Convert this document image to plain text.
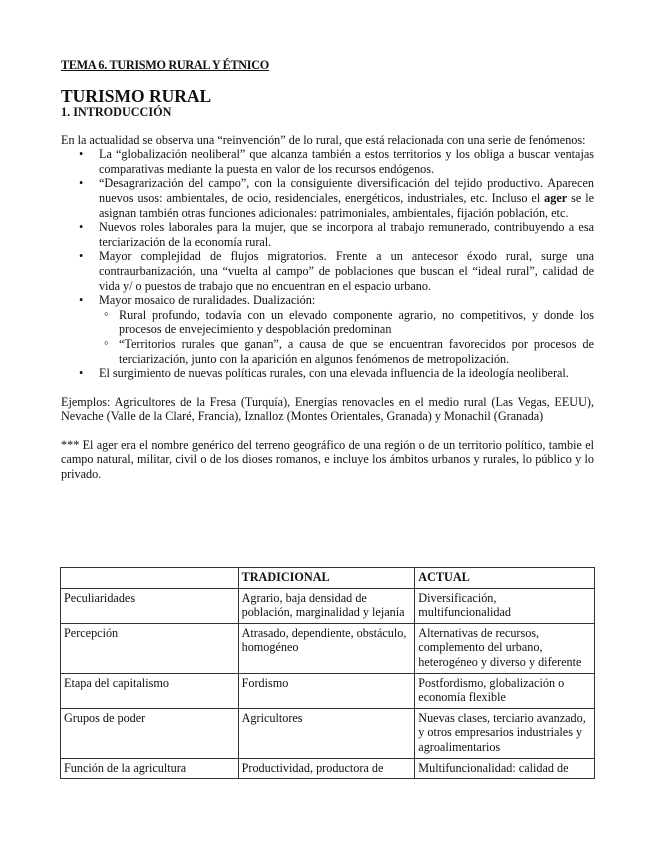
TEMA 6. TURISMO RURAL Y ÉTNICO

TURISMO RURAL
1. INTRODUCCIÓN

En la actualidad se observa una “reinvención” de lo rural, que está relacionada con una serie de fenómenos:

• La “globalización neoliberal” que alcanza también a estos territorios y los obliga a buscar ventajas comparativas mediante la puesta en valor de los recursos endógenos.
• “Desagrarización del campo”, con la consiguiente diversificación del tejido productivo. Aparecen nuevos usos: ambientales, de ocio, residenciales, energéticos, industriales, etc. Incluso el ager se le asignan también otras funciones adicionales: patrimoniales, ambientales, fijación población, etc.
• Nuevos roles laborales para la mujer, que se incorpora al trabajo remunerado, contribuyendo a esa terciarización de la economía rural.
• Mayor complejidad de flujos migratorios. Frente a un antecesor éxodo rural, surge una contraurbanización, una “vuelta al campo” de poblaciones que buscan el “ideal rural”, calidad de vida y/ o puestos de trabajo que no encuentran en el espacio urbano.
• Mayor mosaico de ruralidades. Dualización:
◦ Rural profundo, todavía con un elevado componente agrario, no competitivos, y donde los procesos de envejecimiento y despoblación predominan
◦ “Territorios rurales que ganan”, a causa de que se encuentran favorecidos por procesos de terciarización, junto con la aparición en algunos fenómenos de metropolización.
• El surgimiento de nuevas políticas rurales, con una elevada influencia de la ideología neoliberal.

Ejemplos: Agricultores de la Fresa (Turquía), Energías renovacles en el medio rural (Las Vegas, EEUU), Nevache (Valle de la Claré, Francia), Iznalloz (Montes Orientales, Granada) y Monachil (Granada)

*** El ager era el nombre genérico del terreno geográfico de una región o de un territorio político, tambie el campo natural, militar, civil o de los dioses romanos, e incluye los ámbitos urbanos y rurales, lo público y lo privado.

	TRADICIONAL	ACTUAL
Peculiaridades	Agrario, baja densidad de población, marginalidad y lejanía	Diversificación, multifuncionalidad
Percepción	Atrasado, dependiente, obstáculo, homogéneo	Alternativas de recursos, complemento del urbano, heterogéneo y diverso y diferente
Etapa del capitalismo	Fordismo	Postfordismo, globalización o economía flexible
Grupos de poder	Agricultores	Nuevas clases, terciario avanzado, y otros empresarios industriales y agroalimentarios
Función de la agricultura	Productividad, productora de	Multifuncionalidad: calidad de
